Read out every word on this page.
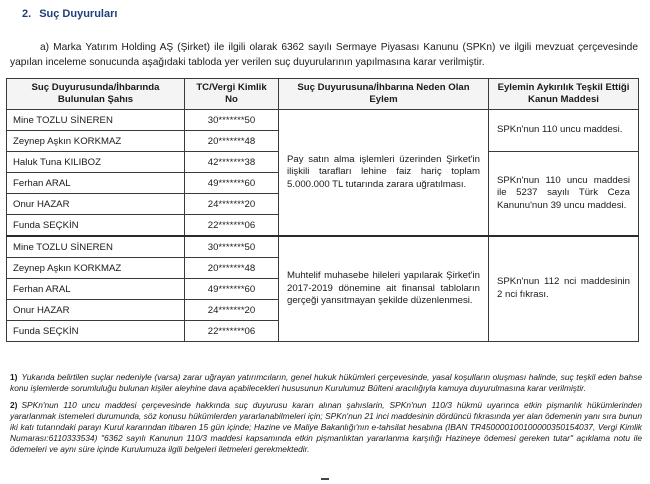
2. Suç Duyuruları
a) Marka Yatırım Holding AŞ (Şirket) ile ilgili olarak 6362 sayılı Sermaye Piyasası Kanunu (SPKn) ve ilgili mevzuat çerçevesinde yapılan inceleme sonucunda aşağıdaki tabloda yer verilen suç duyurularının yapılmasına karar verilmiştir.
Suç Duyurusunda/İhbarında Bulunulan Şahıs	TC/Vergi Kimlik No	Suç Duyurusuna/İhbarına Neden Olan Eylem	Eylemin Aykırılık Teşkil Ettiği Kanun Maddesi
Mine TOZLU SİNEREN	30*******50	Pay satın alma işlemleri üzerinden Şirket'in ilişkili tarafları lehine faiz hariç toplam 5.000.000 TL tutarında zarara uğratılması.	SPKn'nun 110 uncu maddesi.
Zeynep Aşkın KORKMAZ	20*******48		
Haluk Tuna KILIBOZ	42*******38		SPKn'nun 110 uncu maddesi ile 5237 sayılı Türk Ceza Kanunu'nun 39 uncu maddesi.
Ferhan ARAL	49*******60		
Onur HAZAR	24*******20		
Funda SEÇKİN	22*******06		
Mine TOZLU SİNEREN	30*******50	Muhtelif muhasebe hileleri yapılarak Şirket'in 2017-2019 dönemine ait finansal tabloların gerçeği yansıtmayan şekilde düzenlenmesi.	SPKn'nun 112 nci maddesinin 2 nci fıkrası.
Zeynep Aşkın KORKMAZ	20*******48		
Ferhan ARAL	49*******60		
Onur HAZAR	24*******20		
Funda SEÇKİN	22*******06		

1) Yukarıda belirtilen suçlar nedeniyle (varsa) zarar uğrayan yatırımcıların, genel hukuk hükümleri çerçevesinde, yasal koşulların oluşması halinde, suç teşkil eden bahse konu işlemlerde sorumluluğu bulunan kişiler aleyhine dava açabilecekleri hususunun Kurulumuz Bülteni aracılığıyla kamuya duyurulmasına karar verilmiştir.

2) SPKn'nun 110 uncu maddesi çerçevesinde hakkında suç duyurusu kararı alınan şahıslarin, SPKn'nun 110/3 hükmü uyarınca etkin pişmanlık hükümlerinden yararlanmak istemeleri durumunda, söz konusu hükümlerden yararlanabilmeleri için; SPKn'nun 21 inci maddesinin dördüncü fıkrasında yer alan ödemenin yanı sıra bunun iki katı tutarındaki parayı Kurul kararından itibaren 15 gün içinde; Hazine ve Maliye Bakanlığı'nın e-tahsilat hesabına (IBAN TR450000100100000350154037, Vergi Kimlik Numarası:6110333534) "6362 sayılı Kanunun 110/3 maddesi kapsamında etkin pişmanlıktan yararlanma karşılığı Hazineye ödemesi gereken tutar" açıklama notu ile ödemeleri ve aynı süre içinde Kurulumuza ilgili belgeleri iletmeleri gerekmektedir.
